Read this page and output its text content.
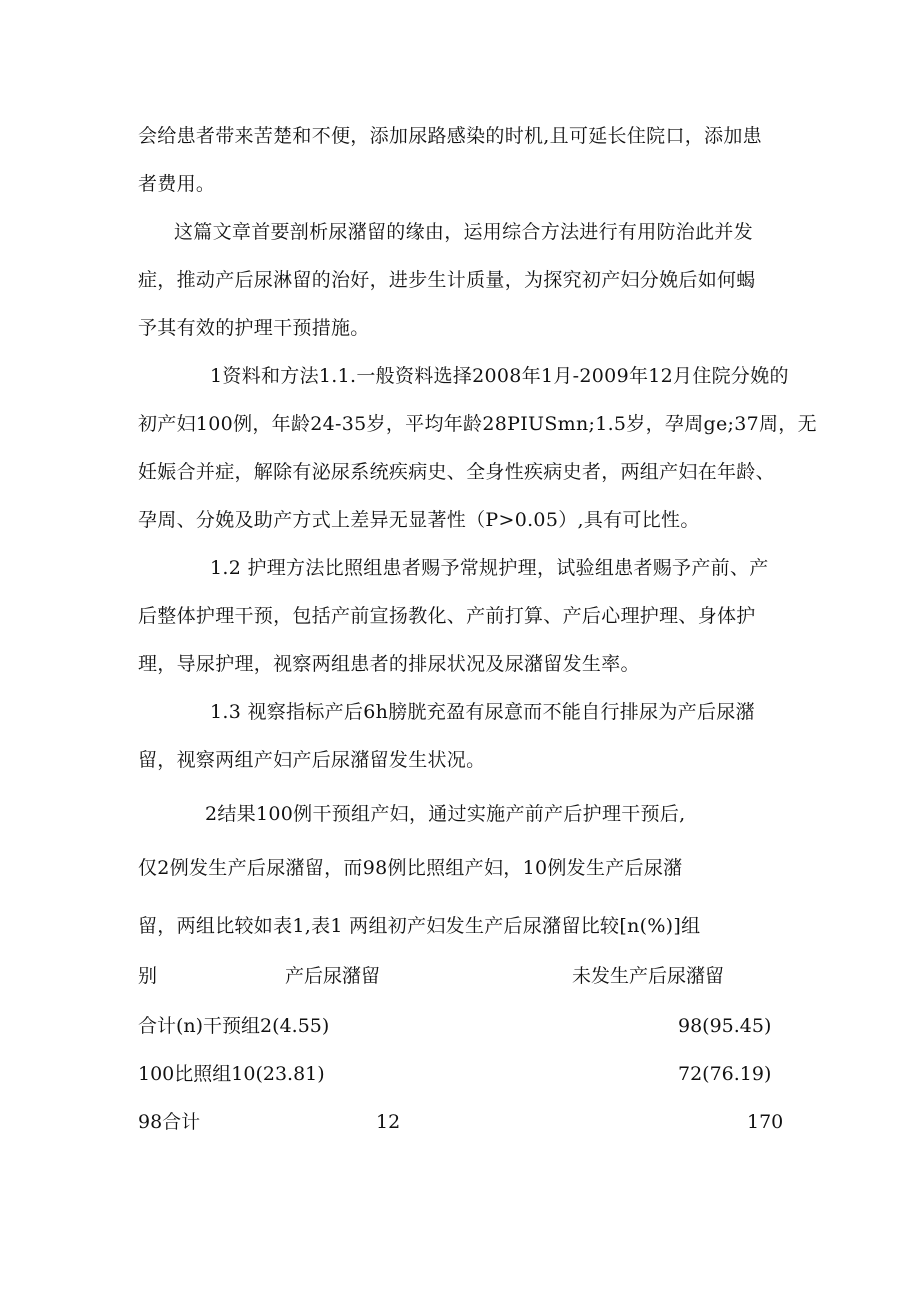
会给患者带来苦楚和不便，添加尿路感染的时机,且可延长住院口，添加患
者费用。
这篇文章首要剖析尿潴留的缘由，运用综合方法进行有用防治此并发
症，推动产后尿淋留的治好，进步生计质量，为探究初产妇分娩后如何蝎
予其有效的护理干预措施。
1资料和方法1.1.一般资料选择2008年1月-2009年12月住院分娩的
初产妇100例，年龄24-35岁，平均年龄28PIUSmn;1.5岁，孕周ge;37周，无
妊娠合并症，解除有泌尿系统疾病史、全身性疾病史者，两组产妇在年龄、
孕周、分娩及助产方式上差异无显著性（P>0.05）,具有可比性。
1.2 护理方法比照组患者赐予常规护理，试验组患者赐予产前、产
后整体护理干预，包括产前宣扬教化、产前打算、产后心理护理、身体护
理，导尿护理，视察两组患者的排尿状况及尿潴留发生率。
1.3 视察指标产后6h膀胱充盈有尿意而不能自行排尿为产后尿潴
留，视察两组产妇产后尿潴留发生状况。
2结果100例干预组产妇，通过实施产前产后护理干预后,
仅2例发生产后尿潴留，而98例比照组产妇，10例发生产后尿潴
留，两组比较如表1,表1 两组初产妇发生产后尿潴留比较[n(%)]组
别	产后尿潴留	未发生产后尿潴留
合计(n)干预组2(4.55)	98(95.45)
100比照组10(23.81)	72(76.19)
98合计	12	170
